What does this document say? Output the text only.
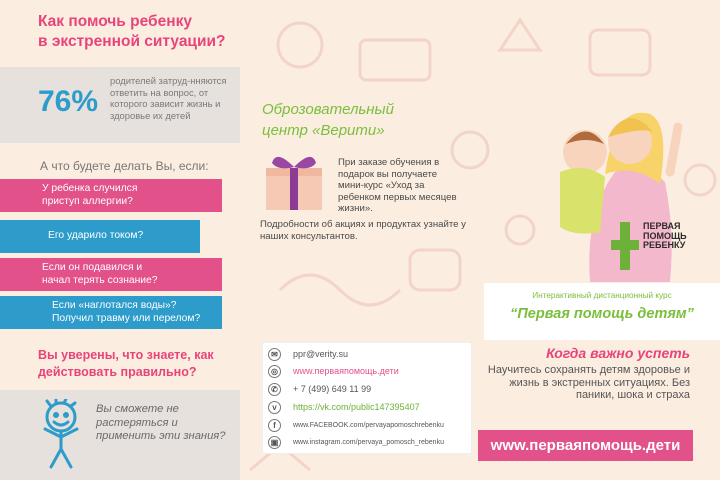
Как помочь ребенку
в экстренной ситуации?
76%
родителей затруд-нняются ответить на вопрос, от которого зависит жизнь и здоровье их детей
А что будете делать Вы, если:
У ребенка случился
приступ аллергии?
Его ударило током?
Если он подавился и
начал терять сознание?
Если «наглотался воды»?
Получил травму или перелом?
Вы уверены, что знаете, как
действовать правильно?
Вы сможете не растеряться и применить эти знания?
Оброзовательный
центр «Верити»
При заказе обучения в подарок вы получаете мини-курс «Уход за ребенком первых месяцев жизни».
Подробности об акциях и продуктах узнайте у наших консультантов.
✉	ppr@verity.su
◎	www.перваяпомощь.дети
✆	+ 7 (499) 649 11 99
v	https://vk.com/public147395407
f	www.FACEBOOK.com/pervayapomoschrebenku
▣	www.instagram.com/pervaya_pomosch_rebenku
ПЕРВАЯ
ПОМОЩЬ
РЕБЕНКУ
Интерактивный дистанционный курс
“Первая помощь детям”
Когда важно успеть
Научитесь сохранять детям здоровье и жизнь в экстренных ситуациях. Без паники, шока и страха
www.перваяпомощь.дети
